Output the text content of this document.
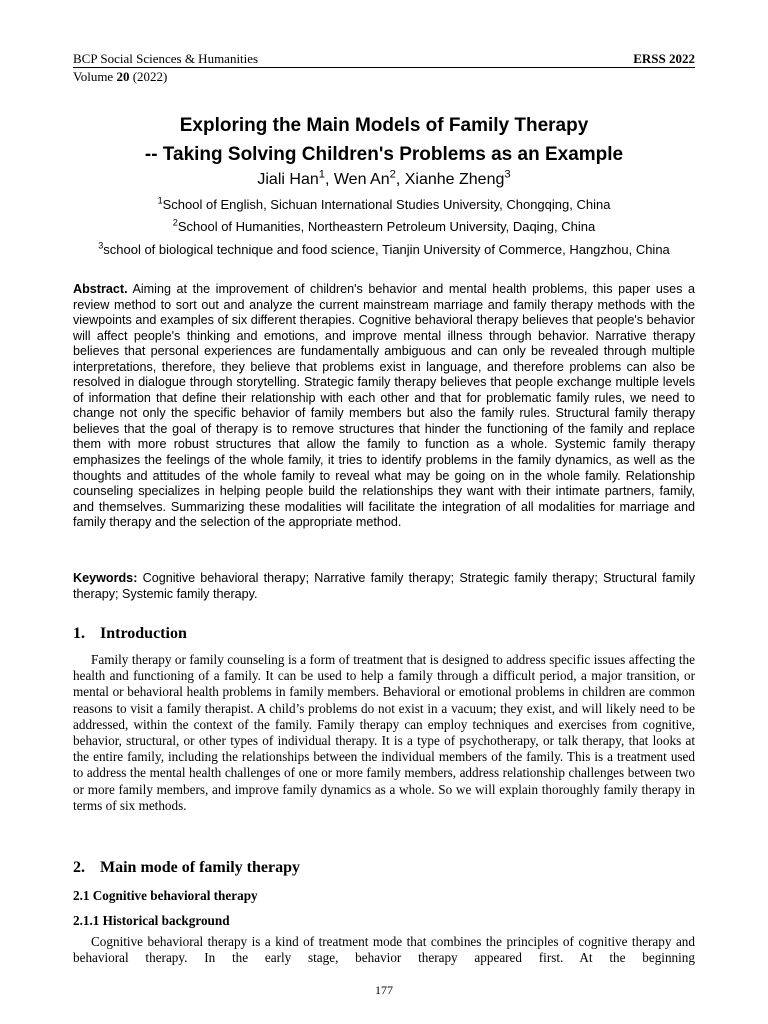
BCP Social Sciences & Humanities	ERSS 2022
Volume 20 (2022)
Exploring the Main Models of Family Therapy
-- Taking Solving Children's Problems as an Example
Jiali Han$^1$, Wen An$^2$, Xianhe Zheng$^3$
$^1$School of English, Sichuan International Studies University, Chongqing, China
$^2$School of Humanities, Northeastern Petroleum University, Daqing, China
$^3$school of biological technique and food science, Tianjin University of Commerce, Hangzhou, China
Abstract. Aiming at the improvement of children's behavior and mental health problems, this paper uses a review method to sort out and analyze the current mainstream marriage and family therapy methods with the viewpoints and examples of six different therapies. Cognitive behavioral therapy believes that people's behavior will affect people's thinking and emotions, and improve mental illness through behavior. Narrative therapy believes that personal experiences are fundamentally ambiguous and can only be revealed through multiple interpretations, therefore, they believe that problems exist in language, and therefore problems can also be resolved in dialogue through storytelling. Strategic family therapy believes that people exchange multiple levels of information that define their relationship with each other and that for problematic family rules, we need to change not only the specific behavior of family members but also the family rules. Structural family therapy believes that the goal of therapy is to remove structures that hinder the functioning of the family and replace them with more robust structures that allow the family to function as a whole. Systemic family therapy emphasizes the feelings of the whole family, it tries to identify problems in the family dynamics, as well as the thoughts and attitudes of the whole family to reveal what may be going on in the whole family. Relationship counseling specializes in helping people build the relationships they want with their intimate partners, family, and themselves. Summarizing these modalities will facilitate the integration of all modalities for marriage and family therapy and the selection of the appropriate method.
Keywords: Cognitive behavioral therapy; Narrative family therapy; Strategic family therapy; Structural family therapy; Systemic family therapy.
1. Introduction
Family therapy or family counseling is a form of treatment that is designed to address specific issues affecting the health and functioning of a family. It can be used to help a family through a difficult period, a major transition, or mental or behavioral health problems in family members. Behavioral or emotional problems in children are common reasons to visit a family therapist. A child’s problems do not exist in a vacuum; they exist, and will likely need to be addressed, within the context of the family. Family therapy can employ techniques and exercises from cognitive, behavior, structural, or other types of individual therapy. It is a type of psychotherapy, or talk therapy, that looks at the entire family, including the relationships between the individual members of the family. This is a treatment used to address the mental health challenges of one or more family members, address relationship challenges between two or more family members, and improve family dynamics as a whole. So we will explain thoroughly family therapy in terms of six methods.
2. Main mode of family therapy
2.1 Cognitive behavioral therapy
2.1.1 Historical background
Cognitive behavioral therapy is a kind of treatment mode that combines the principles of cognitive therapy and behavioral therapy. In the early stage, behavior therapy appeared first. At the beginning
177
